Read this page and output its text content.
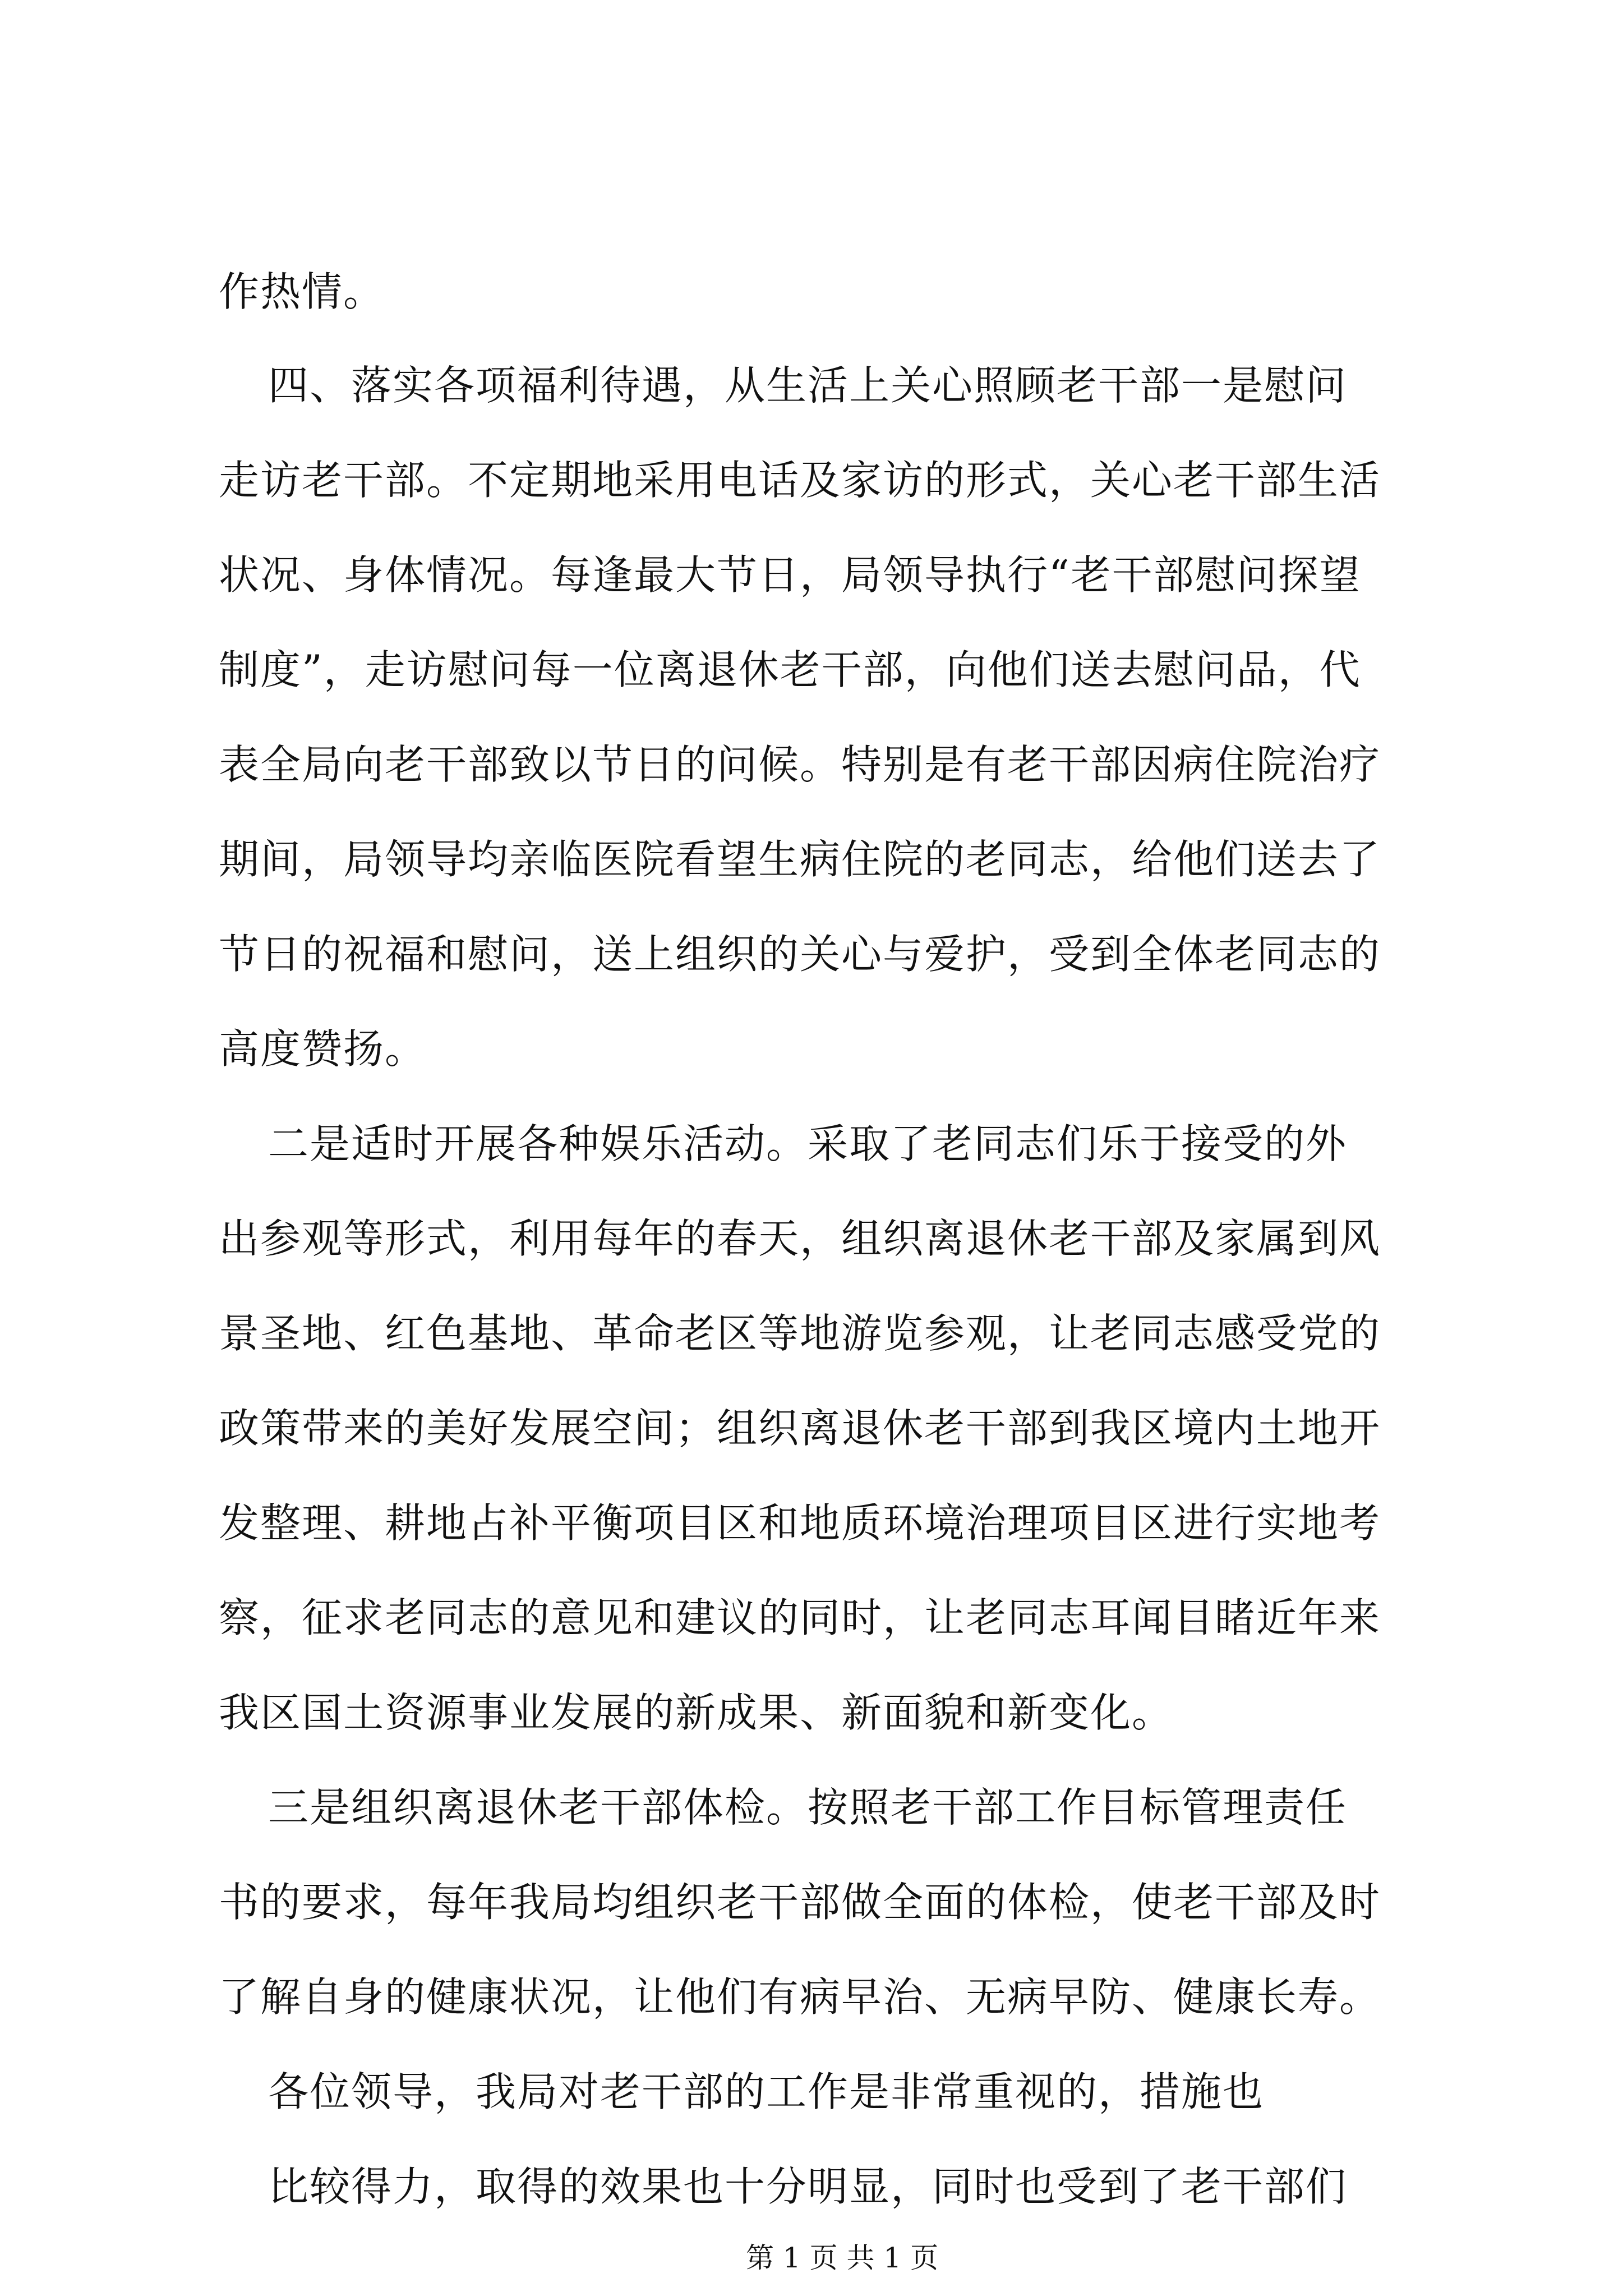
作热情。
四、落实各项福利待遇，从生活上关心照顾老干部一是慰问
走访老干部。不定期地采用电话及家访的形式，关心老干部生活
状况、身体情况。每逢最大节日，局领导执行“老干部慰问探望
制度”，走访慰问每一位离退休老干部，向他们送去慰问品，代
表全局向老干部致以节日的问候。特别是有老干部因病住院治疗
期间，局领导均亲临医院看望生病住院的老同志，给他们送去了
节日的祝福和慰问，送上组织的关心与爱护，受到全体老同志的
高度赞扬。
二是适时开展各种娱乐活动。采取了老同志们乐于接受的外
出参观等形式，利用每年的春天，组织离退休老干部及家属到风
景圣地、红色基地、革命老区等地游览参观，让老同志感受党的
政策带来的美好发展空间；组织离退休老干部到我区境内土地开
发整理、耕地占补平衡项目区和地质环境治理项目区进行实地考
察，征求老同志的意见和建议的同时，让老同志耳闻目睹近年来
我区国土资源事业发展的新成果、新面貌和新变化。
三是组织离退休老干部体检。按照老干部工作目标管理责任
书的要求，每年我局均组织老干部做全面的体检，使老干部及时
了解自身的健康状况，让他们有病早治、无病早防、健康长寿。
各位领导，我局对老干部的工作是非常重视的，措施也
比较得力，取得的效果也十分明显，同时也受到了老干部们
第 1 页 共 1 页
